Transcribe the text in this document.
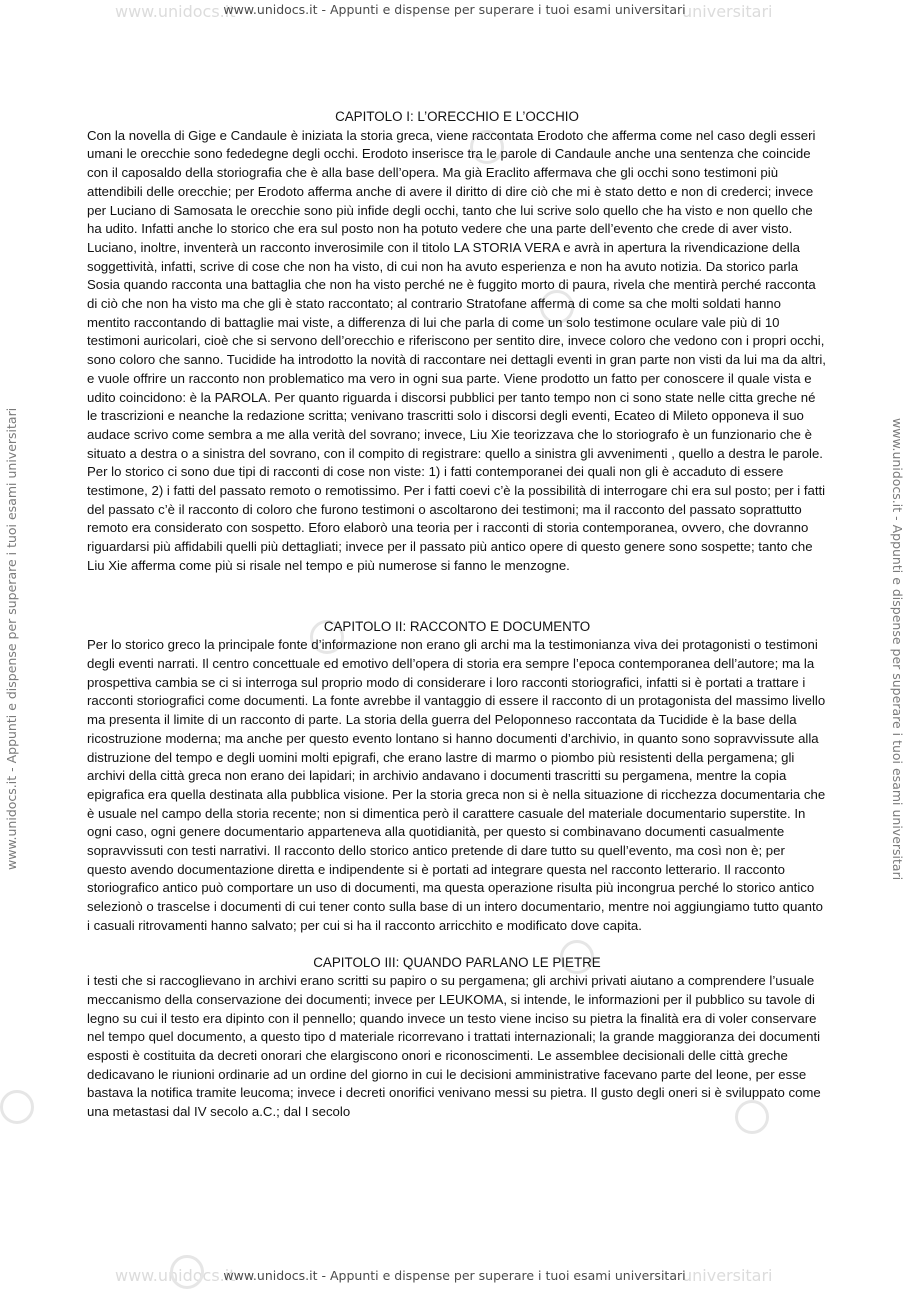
www.unidocs.it	universitari
www.unidocs.it	universitari
www.unidocs.it - Appunti e dispense per superare i tuoi esami universitari
www.unidocs.it - Appunti e dispense per superare i tuoi esami universitari
www.unidocs.it - Appunti e dispense per superare i tuoi esami universitari	www.unidocs.it - Appunti e dispense per superare i tuoi esami universitari
CAPITOLO I: L’ORECCHIO E L’OCCHIO

Con la novella di Gige e Candaule è iniziata la storia greca, viene raccontata Erodoto che afferma come nel caso degli esseri umani le orecchie sono fededegne degli occhi. Erodoto inserisce tra le parole di Candaule anche una sentenza che coincide con il caposaldo della storiografia che è alla base dell’opera. Ma già Eraclito affermava che gli occhi sono testimoni più attendibili delle orecchie; per Erodoto afferma anche di avere il diritto di dire ciò che mi è stato detto e non di crederci; invece per Luciano di Samosata le orecchie sono più infide degli occhi, tanto che lui scrive solo quello che ha visto e non quello che ha udito. Infatti anche lo storico che era sul posto non ha potuto vedere che una parte dell’evento che crede di aver visto. Luciano, inoltre, inventerà un racconto inverosimile con il titolo LA STORIA VERA e avrà in apertura la rivendicazione della soggettività, infatti, scrive di cose che non ha visto, di cui non ha avuto esperienza e non ha avuto notizia. Da storico parla Sosia quando racconta una battaglia che non ha visto perché ne è fuggito morto di paura, rivela che mentirà perché racconta di ciò che non ha visto ma che gli è stato raccontato; al contrario Stratofane afferma di come sa che molti soldati hanno mentito raccontando di battaglie mai viste, a differenza di lui che parla di come un solo testimone oculare vale più di 10 testimoni auricolari, cioè che si servono dell’orecchio e riferiscono per sentito dire, invece coloro che vedono con i propri occhi, sono coloro che sanno. Tucidide ha introdotto la novità di raccontare nei dettagli eventi in gran parte non visti da lui ma da altri, e vuole offrire un racconto non problematico ma vero in ogni sua parte. Viene prodotto un fatto per conoscere il quale vista e udito coincidono: è la PAROLA. Per quanto riguarda i discorsi pubblici per tanto tempo non ci sono state nelle citta greche né le trascrizioni e neanche la redazione scritta; venivano trascritti solo i discorsi degli eventi, Ecateo di Mileto opponeva il suo audace scrivo come sembra a me alla verità del sovrano; invece, Liu Xie teorizzava che lo storiografo è un funzionario che è situato a destra o a sinistra del sovrano, con il compito di registrare: quello a sinistra gli avvenimenti , quello a destra le parole. Per lo storico ci sono due tipi di racconti di cose non viste: 1) i fatti contemporanei dei quali non gli è accaduto di essere testimone, 2) i fatti del passato remoto o remotissimo. Per i fatti coevi c’è la possibilità di interrogare chi era sul posto; per i fatti del passato c’è il racconto di coloro che furono testimoni o ascoltarono dei testimoni; ma il racconto del passato soprattutto remoto era considerato con sospetto. Eforo elaborò una teoria per i racconti di storia contemporanea, ovvero, che dovranno riguardarsi più affidabili quelli più dettagliati; invece per il passato più antico opere di questo genere sono sospette; tanto che Liu Xie afferma come più si risale nel tempo e più numerose si fanno le menzogne.

CAPITOLO II: RACCONTO E DOCUMENTO

Per lo storico greco la principale fonte d’informazione non erano gli archi ma la testimonianza viva dei protagonisti o testimoni degli eventi narrati. Il centro concettuale ed emotivo dell’opera di storia era sempre l’epoca contemporanea dell’autore; ma la prospettiva cambia se ci si interroga sul proprio modo di considerare i loro racconti storiografici, infatti si è portati a trattare i racconti storiografici come documenti. La fonte avrebbe il vantaggio di essere il racconto di un protagonista del massimo livello ma presenta il limite di un racconto di parte. La storia della guerra del Peloponneso raccontata da Tucidide è la base della ricostruzione moderna; ma anche per questo evento lontano si hanno documenti d’archivio, in quanto sono sopravvissute alla distruzione del tempo e degli uomini molti epigrafi, che erano lastre di marmo o piombo più resistenti della pergamena; gli archivi della città greca non erano dei lapidari; in archivio andavano i documenti trascritti su pergamena, mentre la copia epigrafica era quella destinata alla pubblica visione. Per la storia greca non si è nella situazione di ricchezza documentaria che è usuale nel campo della storia recente; non si dimentica però il carattere casuale del materiale documentario superstite. In ogni caso, ogni genere documentario apparteneva alla quotidianità, per questo si combinavano documenti casualmente sopravvissuti con testi narrativi. Il racconto dello storico antico pretende di dare tutto su quell’evento, ma così non è; per questo avendo documentazione diretta e indipendente si è portati ad integrare questa nel racconto letterario. Il racconto storiografico antico può comportare un uso di documenti, ma questa operazione risulta più incongrua perché lo storico antico selezionò o trascelse i documenti di cui tener conto sulla base di un intero documentario, mentre noi aggiungiamo tutto quanto i casuali ritrovamenti hanno salvato; per cui si ha il racconto arricchito e modificato dove capita.

CAPITOLO III: QUANDO PARLANO LE PIETRE

i testi che si raccoglievano in archivi erano scritti su papiro o su pergamena; gli archivi privati aiutano a comprendere l’usuale meccanismo della conservazione dei documenti; invece per LEUKOMA, si intende, le informazioni per il pubblico su tavole di legno su cui il testo era dipinto con il pennello; quando invece un testo viene inciso su pietra la finalità era di voler conservare nel tempo quel documento, a questo tipo d materiale ricorrevano i trattati internazionali; la grande maggioranza dei documenti esposti è costituita da decreti onorari che elargiscono onori e riconoscimenti. Le assemblee decisionali delle città greche dedicavano le riunioni ordinarie ad un ordine del giorno in cui le decisioni amministrative facevano parte del leone, per esse bastava la notifica tramite leucoma; invece i decreti onorifici venivano messi su pietra. Il gusto degli oneri si è sviluppato come una metastasi dal IV secolo a.C.; dal I secolo
